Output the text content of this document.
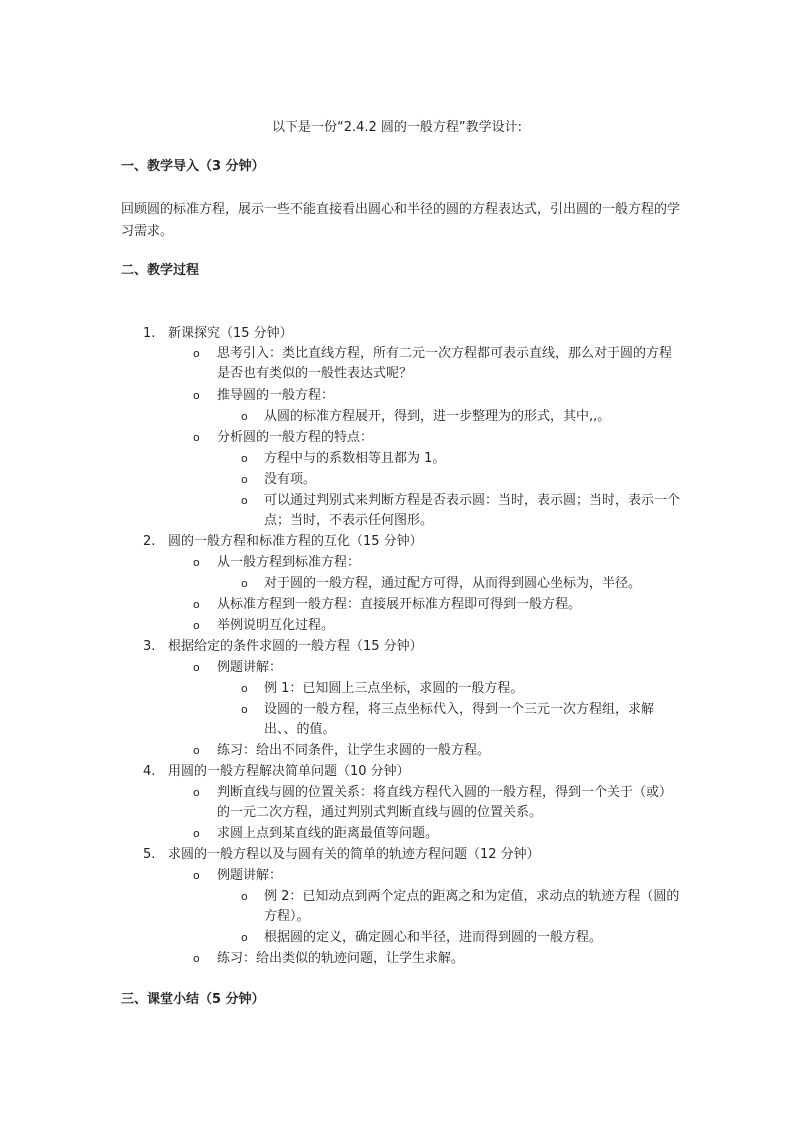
以下是一份“2.4.2 圆的一般方程”教学设计:
一、教学导入（3 分钟）
回顾圆的标准方程，展示一些不能直接看出圆心和半径的圆的方程表达式，引出圆的一般方程的学习需求。
二、教学过程
1. 新课探究（15 分钟）
o 思考引入：类比直线方程，所有二元一次方程都可表示直线，那么对于圆的方程是否也有类似的一般性表达式呢？
o 推导圆的一般方程：
o 从圆的标准方程展开，得到，进一步整理为的形式，其中,,。
o 分析圆的一般方程的特点：
o 方程中与的系数相等且都为 1。
o 没有项。
o 可以通过判别式来判断方程是否表示圆：当时，表示圆；当时，表示一个点；当时，不表示任何图形。
2. 圆的一般方程和标准方程的互化（15 分钟）
o 从一般方程到标准方程：
o 对于圆的一般方程，通过配方可得，从而得到圆心坐标为，半径。
o 从标准方程到一般方程：直接展开标准方程即可得到一般方程。
o 举例说明互化过程。
3. 根据给定的条件求圆的一般方程（15 分钟）
o 例题讲解：
o 例 1：已知圆上三点坐标，求圆的一般方程。
o 设圆的一般方程，将三点坐标代入，得到一个三元一次方程组，求解出、、的值。
o 练习：给出不同条件，让学生求圆的一般方程。
4. 用圆的一般方程解决简单问题（10 分钟）
o 判断直线与圆的位置关系：将直线方程代入圆的一般方程，得到一个关于（或）的一元二次方程，通过判别式判断直线与圆的位置关系。
o 求圆上点到某直线的距离最值等问题。
5. 求圆的一般方程以及与圆有关的简单的轨迹方程问题（12 分钟）
o 例题讲解：
o 例 2：已知动点到两个定点的距离之和为定值，求动点的轨迹方程（圆的方程）。
o 根据圆的定义，确定圆心和半径，进而得到圆的一般方程。
o 练习：给出类似的轨迹问题，让学生求解。
三、课堂小结（5 分钟）
